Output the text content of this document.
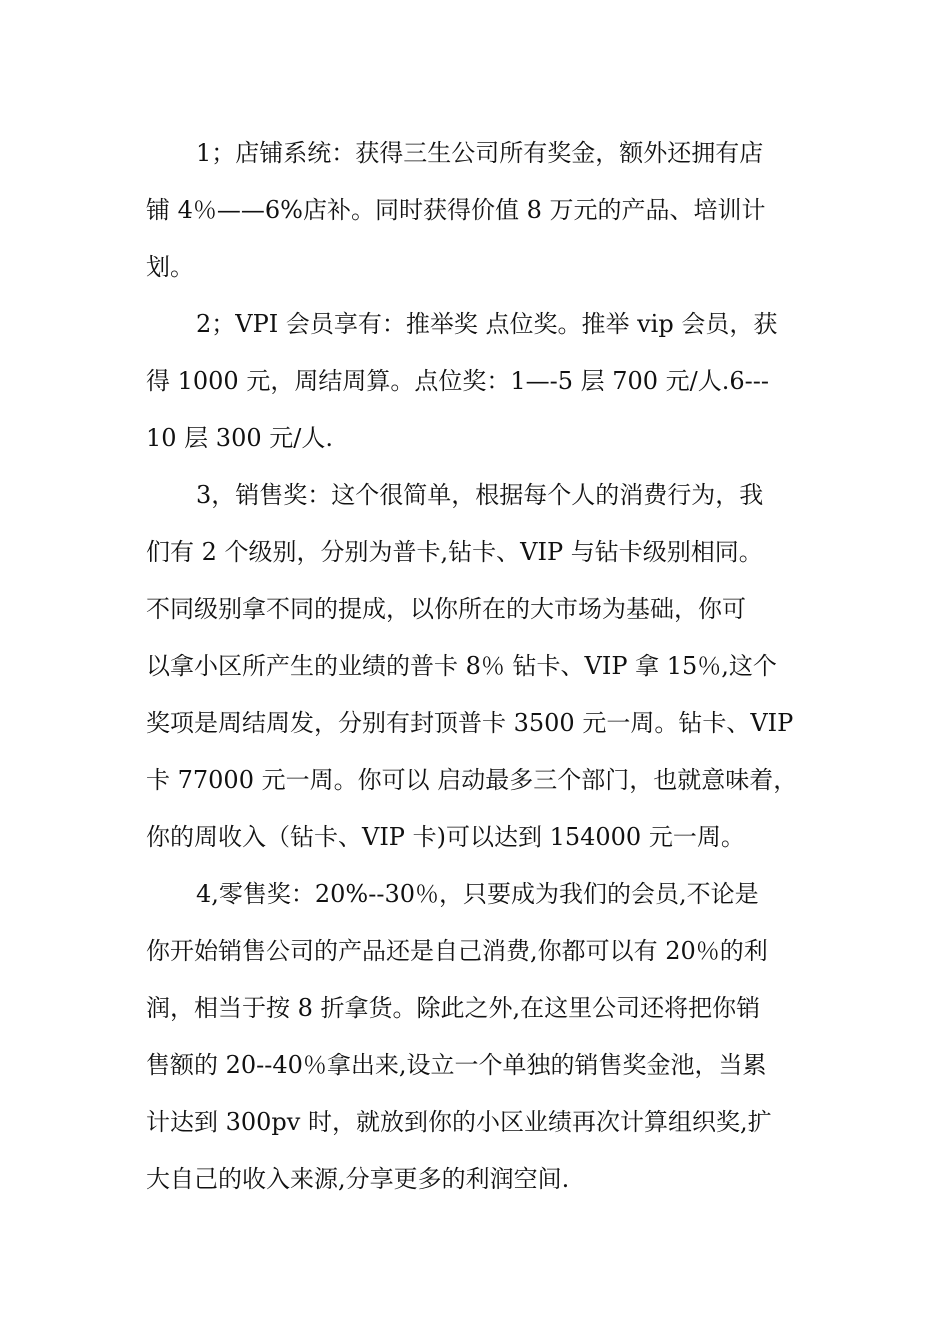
1；店铺系统：获得三生公司所有奖金，额外还拥有店
铺 4％——6%店补。同时获得价值 8 万元的产品、培训计
划。
2；VPI 会员享有：推举奖 点位奖。推举 vip 会员，获
得 1000 元，周结周算。点位奖：1—-5 层 700 元/人.6---
10 层 300 元/人.
3，销售奖：这个很简单，根据每个人的消费行为，我
们有 2 个级别，分别为普卡,钻卡、VIP 与钻卡级别相同。
不同级别拿不同的提成，以你所在的大市场为基础，你可
以拿小区所产生的业绩的普卡 8％ 钻卡、VIP 拿 15％,这个
奖项是周结周发，分别有封顶普卡 3500 元一周。钻卡、VIP
卡 77000 元一周。你可以 启动最多三个部门，也就意味着，
你的周收入（钻卡、VIP 卡)可以达到 154000 元一周。
4,零售奖：20%--30％，只要成为我们的会员,不论是
你开始销售公司的产品还是自己消费,你都可以有 20％的利
润，相当于按 8 折拿货。除此之外,在这里公司还将把你销
售额的 20--40％拿出来,设立一个单独的销售奖金池，当累
计达到 300pv 时，就放到你的小区业绩再次计算组织奖,扩
大自己的收入来源,分享更多的利润空间.
